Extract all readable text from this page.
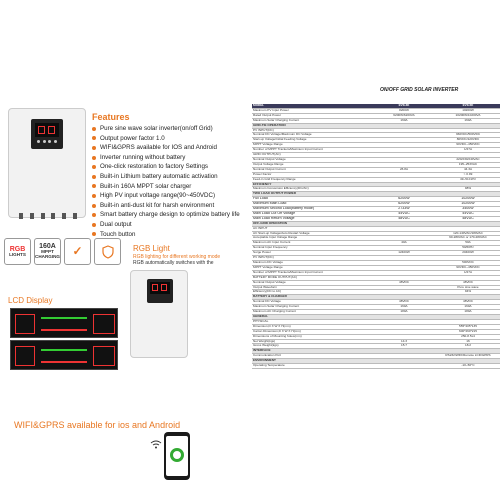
Features
Pure sine wave solar inverter(on/off Grid)
Output power factor 1.0
WIFI&GPRS available for IOS and Android
Inverter running without battery
One-click restoration to factory Settings
Built-in Lithium battery automatic activation
Built-in 160A MPPT solar charger
High PV input voltage range(90~450VDC)
Built-in anti-dust kit for harsh environment
Smart battery charge design to optimize battery life
Dual output
Touch button
RGB
LIGHTS
160A
MPPT CHARGING ✓
LCD Display
RGB Light
RGB lighting for different working mode
RGB automatically switches with the
WIFI&GPRS available for ios and Android
ON/OFF GRID SOLAR INVERTER
MODEL	EVII-3K	EVII-6K
Maximum PV Input Power	8200W	10200W
Rated Output Power	6200W/6200VA	10200W/10200VA
Maximum Solar Charging Current	160A	160A
GRID-TIE OPERATION		
PV INPUT(DC)		
Nominal DC Voltage/Maximum DC Voltage		360VDC/500VDC
Start-up Voltage/Initial Feeding Voltage		80VDC/120VDC
MPPT Voltage Range		90VDC~450VDC
Number of MPPT Trackers/Maximum Input Current		1/27A
GRID OUTPUT(AC)		
Nominal Output Voltage		220/230/240VAC
Output Voltage Range		195~253VAC
Nominal Output Current	26.8A	44.3A
Power Factor		> 0.99
Feed-in Grid Frequency Range		49~51±1Hz
EFFICIENCY		
Maximum Conversion Efficiency(DC/AC)		98%
TWO LOAD OUTPUT POWER		
Full Load	6200W	10200W
Maximum Main Load	6200W	10200W
Maximum Second Load(battery mode)	2733W	3400W
Main Load Cut Off Voltage	44VDC	44VDC
Main Load Return Voltage	48VDC	48VDC
OFF-GRID OPERATION		
AC INPUT		
AC Start-up Voltage/Auto Restart Voltage		120-140VAC/180VAC
Acceptable Input Voltage Range		90-280VAC or 170-280VAC
Maximum AC Input Current	40A	50A
Nominal Input Frequency		50/60Hz
Surge Power	12400W	20400W
PV INPUT(DC)		
Maximum DC Voltage		500VDC
MPPT Voltage Range		90VDC~450VDC
Number of MPPT Trackers/Maximum Input Current		1/27A
BATTERY MODE OUTPUT(AC)		
Nominal Output Voltage	48VDC	48VDC
Output Waveform		Pure sine wave
Efficiency(DC to AC)		94%
BATTERY & CHARGER		
Nominal DC Voltage	48VDC	48VDC
Maximum Solar Charging Current	160A	160A
Maximum AC Charging Current	180A	180A
GENERAL		
PHYSICAL		
Dimension,D X W X H(mm)		555*405*135
Carton Dimension,D X W X H(mm)		600*460*215
Dimensions of Mounting holes(mm)		250-8.5x4
Net Weight(kgs)	14.3	16
Gross Weight(kgs)	15.7	18.2
INTERFACE		
Communication Port		RS232/WIFI/Remote LCD/GPRS
ENVIRONMENT		
Operating Temperature		-10~50°C
